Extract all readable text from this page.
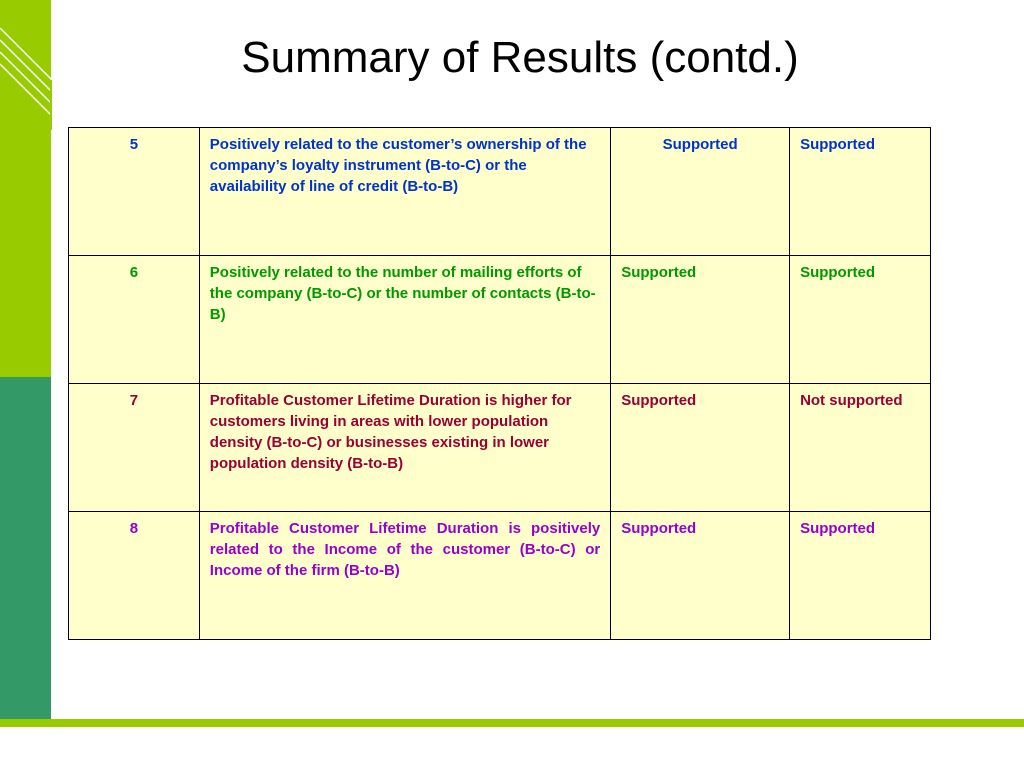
Summary of Results (contd.)
5	Positively related to the customer’s ownership of the company’s loyalty instrument (B-to-C) or the availability of line of credit (B-to-B)	Supported	Supported
6	Positively related to the number of mailing efforts of the company (B-to-C) or the number of contacts (B-to-B)	Supported	Supported
7	Profitable Customer Lifetime Duration is higher for customers living in areas with lower population density (B-to-C) or businesses existing in lower population density (B-to-B)	Supported	Not supported
8	Profitable Customer Lifetime Duration is positively related to the Income of the customer (B-to-C) or Income of the firm (B-to-B)	Supported	Supported
